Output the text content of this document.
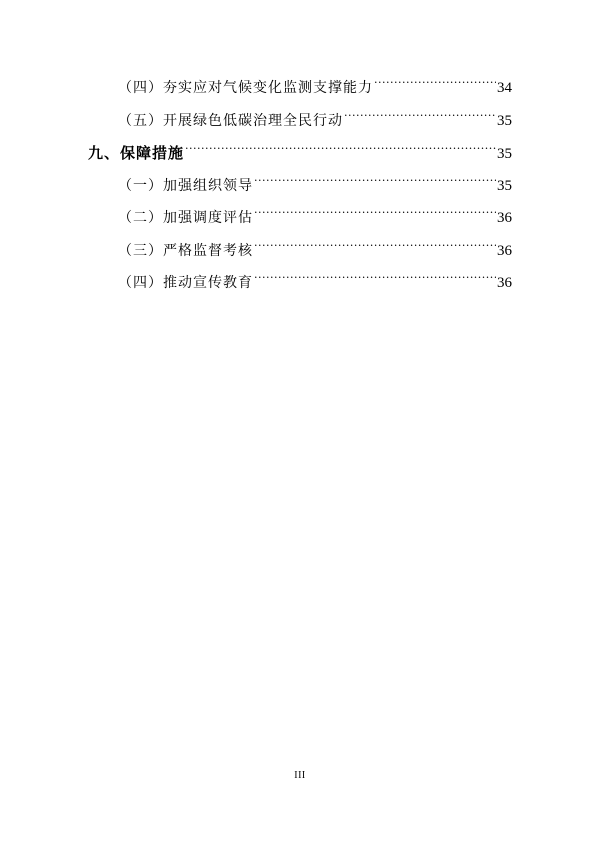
（四）夯实应对气候变化监测支撑能力 .....	34
（五）开展绿色低碳治理全民行动 .....	35
九、保障措施 .....	35
（一）加强组织领导 .....	35
（二）加强调度评估 .....	36
（三）严格监督考核 .....	36
（四）推动宣传教育 .....	36
III
